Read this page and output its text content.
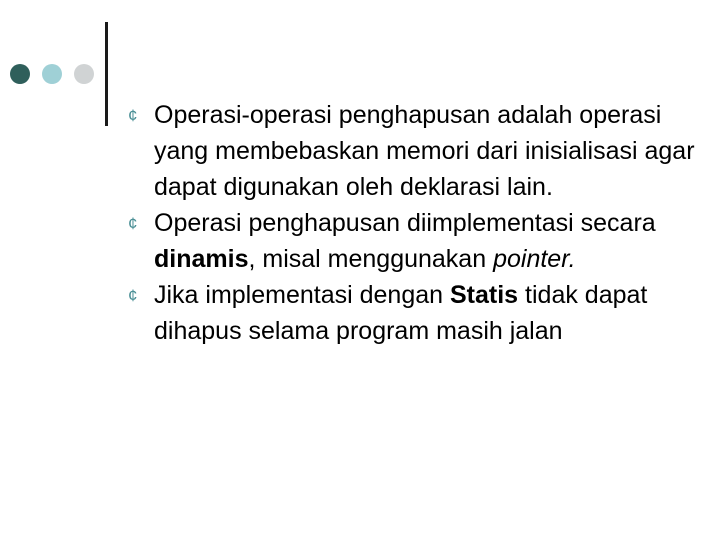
¢ Operasi-operasi penghapusan adalah operasi yang membebaskan memori dari inisialisasi agar dapat digunakan oleh deklarasi lain.
¢ Operasi penghapusan diimplementasi secara dinamis, misal menggunakan pointer.
¢ Jika implementasi dengan Statis tidak dapat dihapus selama program masih jalan
